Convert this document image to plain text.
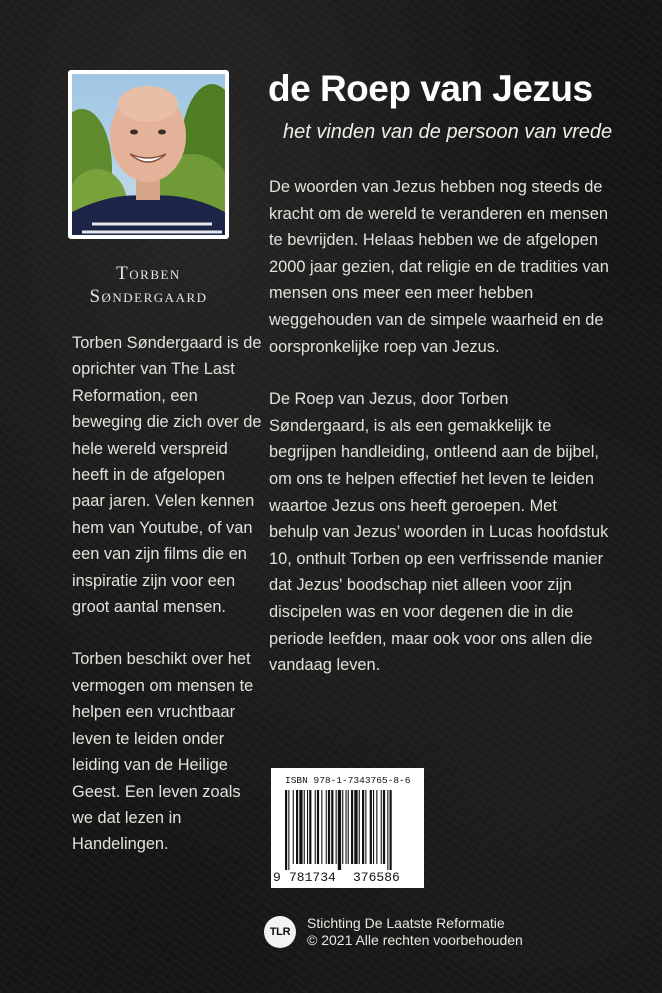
Torben
Søndergaard

Torben Søndergaard is de oprichter van The Last Reformation, een beweging die zich over de hele wereld verspreid heeft in de afgelopen paar jaren. Velen kennen hem van Youtube, of van een van zijn films die en inspiratie zijn voor een groot aantal mensen.

Torben beschikt over het vermogen om mensen te helpen een vruchtbaar leven te leiden onder leiding van de Heilige Geest. Een leven zoals we dat lezen in Handelingen.

de Roep van Jezus
het vinden van de persoon van vrede

De woorden van Jezus hebben nog steeds de kracht om de wereld te veranderen en mensen te bevrijden. Helaas hebben we de afgelopen 2000 jaar gezien, dat religie en de tradities van mensen ons meer een meer hebben weggehouden van de simpele waarheid en de oorspronkelijke roep van Jezus.

De Roep van Jezus, door Torben Søndergaard, is als een gemakkelijk te begrijpen handleiding, ontleend aan de bijbel, om ons te helpen effectief het leven te leiden waartoe Jezus ons heeft geroepen. Met behulp van Jezus’ woorden in Lucas hoofdstuk 10, onthult Torben op een verfrissende manier dat Jezus' boodschap niet alleen voor zijn discipelen was en voor degenen die in die periode leefden, maar ook voor ons allen die vandaag leven.

ISBN 978-1-7343765-8-6
9 781734 376586
TLR
Stichting De Laatste Reformatie
© 2021 Alle rechten voorbehouden
